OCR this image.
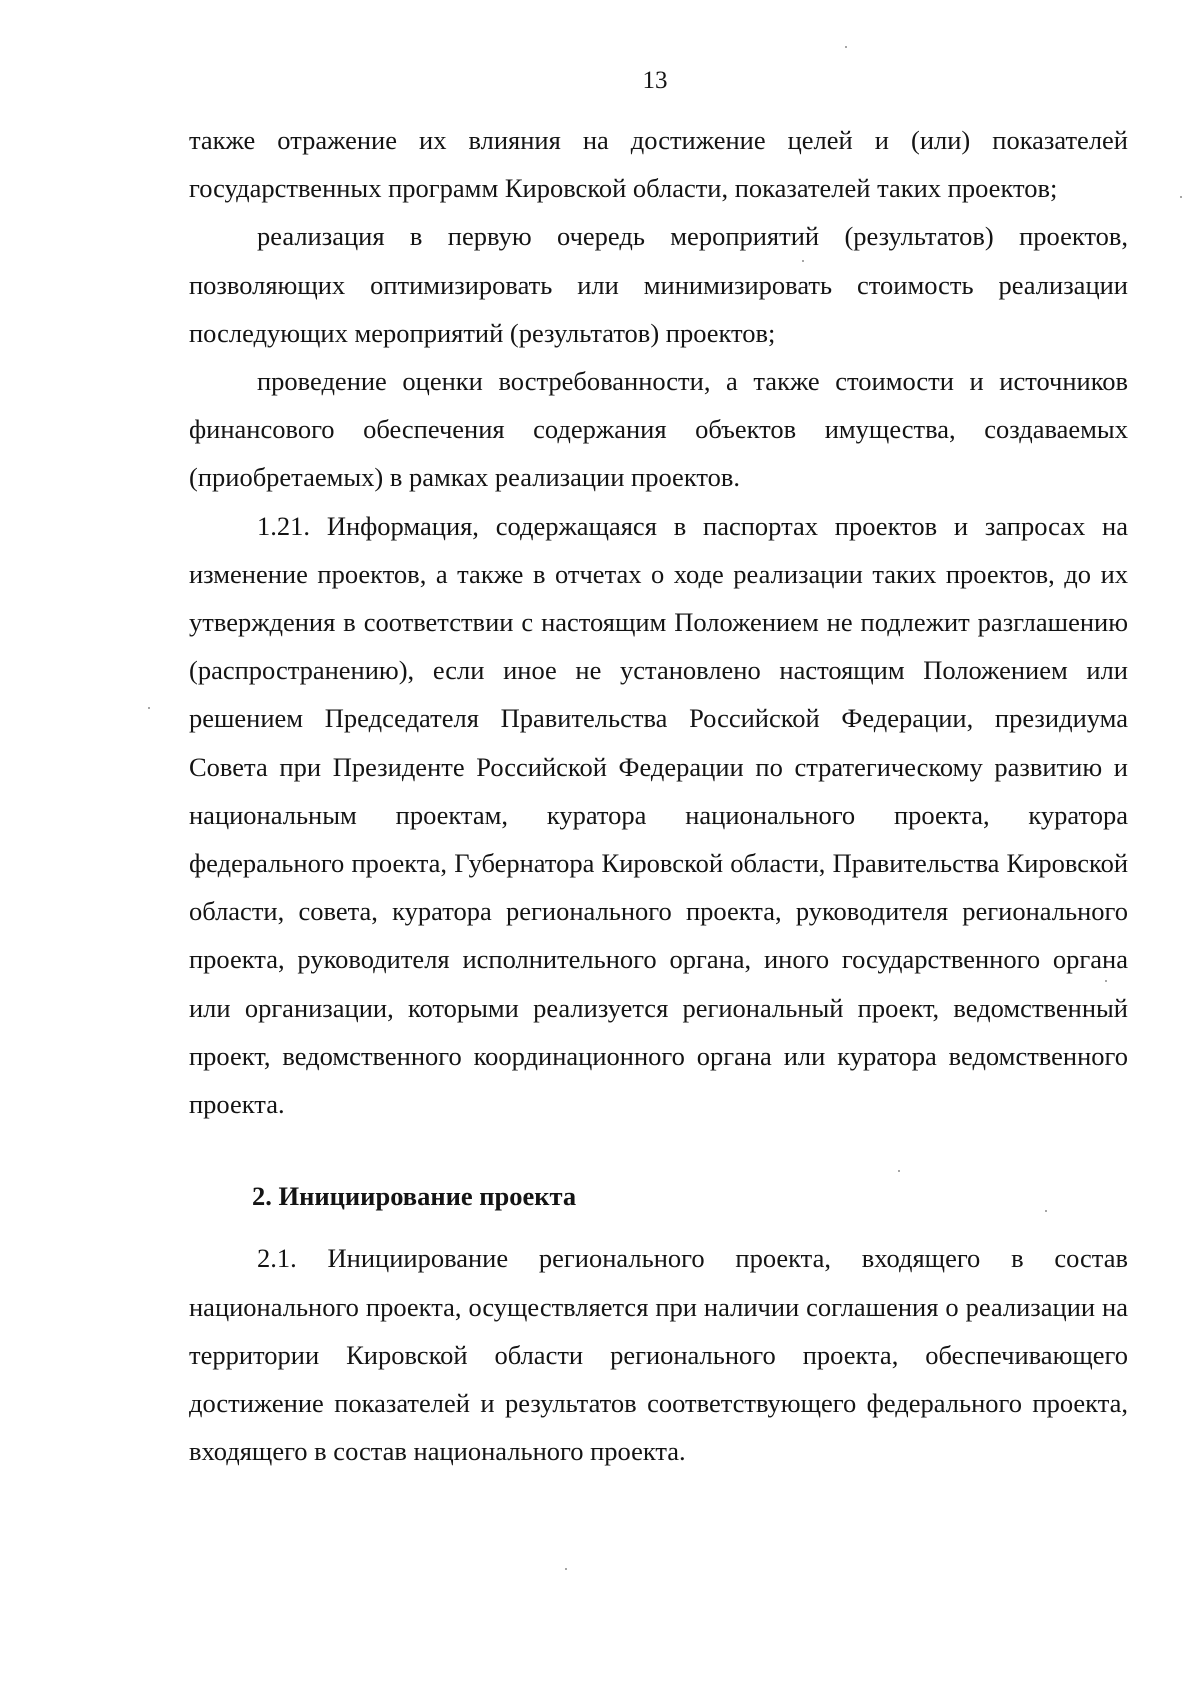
13

также отражение их влияния на достижение целей и (или) показателей государственных программ Кировской области, показателей таких проектов;

реализация в первую очередь мероприятий (результатов) проектов, позволяющих оптимизировать или минимизировать стоимость реализации последующих мероприятий (результатов) проектов;

проведение оценки востребованности, а также стоимости и источников финансового обеспечения содержания объектов имущества, создаваемых (приобретаемых) в рамках реализации проектов.

1.21. Информация, содержащаяся в паспортах проектов и запросах на изменение проектов, а также в отчетах о ходе реализации таких проектов, до их утверждения в соответствии с настоящим Положением не подлежит разглашению (распространению), если иное не установлено настоящим Положением или решением Председателя Правительства Российской Федерации, президиума Совета при Президенте Российской Федерации по стратегическому развитию и национальным проектам, куратора национального проекта, куратора федерального проекта, Губернатора Кировской области, Правительства Кировской области, совета, куратора регионального проекта, руководителя регионального проекта, руководителя исполнительного органа, иного государственного органа или организации, которыми реализуется региональный проект, ведомственный проект, ведомственного координационного органа или куратора ведомственного проекта.

2. Инициирование проекта

2.1. Инициирование регионального проекта, входящего в состав национального проекта, осуществляется при наличии соглашения о реализации на территории Кировской области регионального проекта, обеспечивающего достижение показателей и результатов соответствующего федерального проекта, входящего в состав национального проекта.
